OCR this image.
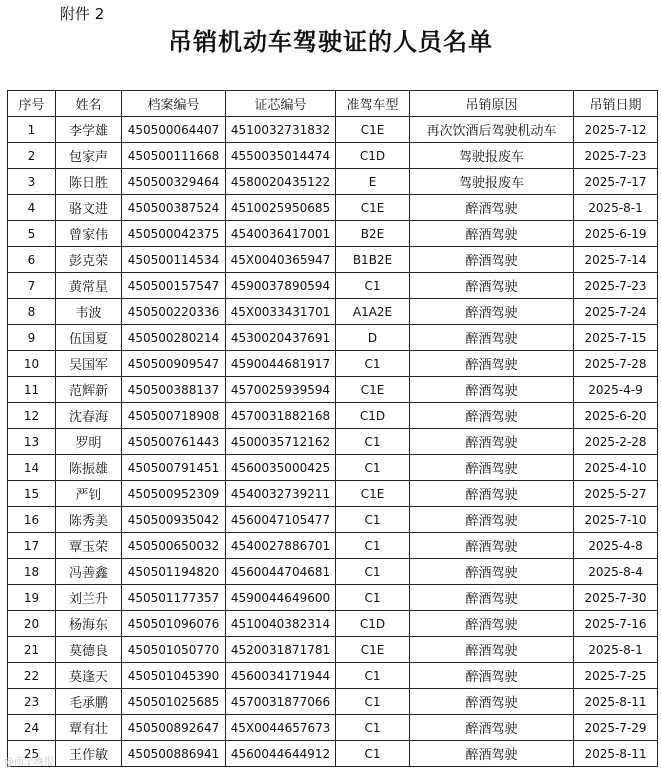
附件 2
吊销机动车驾驶证的人员名单
序号	姓名	档案编号	证芯编号	准驾车型	吊销原因	吊销日期
1	李学雄	450500064407	4510032731832	C1E	再次饮酒后驾驶机动车	2025-7-12
2	包家声	450500111668	4550035014474	C1D	驾驶报废车	2025-7-23
3	陈日胜	450500329464	4580020435122	E	驾驶报废车	2025-7-17
4	骆文进	450500387524	4510025950685	C1E	醉酒驾驶	2025-8-1
5	曾家伟	450500042375	4540036417001	B2E	醉酒驾驶	2025-6-19
6	彭克荣	450500114534	45X0040365947	B1B2E	醉酒驾驶	2025-7-14
7	黄常星	450500157547	4590037890594	C1	醉酒驾驶	2025-7-23
8	韦波	450500220336	45X0033431701	A1A2E	醉酒驾驶	2025-7-24
9	伍国夏	450500280214	4530020437691	D	醉酒驾驶	2025-7-15
10	吴国军	450500909547	4590044681917	C1	醉酒驾驶	2025-7-28
11	范辉新	450500388137	4570025939594	C1E	醉酒驾驶	2025-4-9
12	沈春海	450500718908	4570031882168	C1D	醉酒驾驶	2025-6-20
13	罗明	450500761443	4500035712162	C1	醉酒驾驶	2025-2-28
14	陈振雄	450500791451	4560035000425	C1	醉酒驾驶	2025-4-10
15	严钊	450500952309	4540032739211	C1E	醉酒驾驶	2025-5-27
16	陈秀美	450500935042	4560047105477	C1	醉酒驾驶	2025-7-10
17	覃玉荣	450500650032	4540027886701	C1	醉酒驾驶	2025-4-8
18	冯善鑫	450501194820	4560044704681	C1	醉酒驾驶	2025-8-4
19	刘兰升	450501177357	4590044649600	C1	醉酒驾驶	2025-7-30
20	杨海东	450501096076	4510040382314	C1D	醉酒驾驶	2025-7-16
21	莫德良	450501050770	4520031871781	C1E	醉酒驾驶	2025-8-1
22	莫逢天	450501045390	4560034171944	C1	醉酒驾驶	2025-7-25
23	毛承鹏	450501025685	4570031877066	C1	醉酒驾驶	2025-8-11
24	覃有壮	450500892647	45X0044657673	C1	醉酒驾驶	2025-7-29
25	王作敏	450500886941	4560044644912	C1	醉酒驾驶	2025-8-11
@南宁晚报
